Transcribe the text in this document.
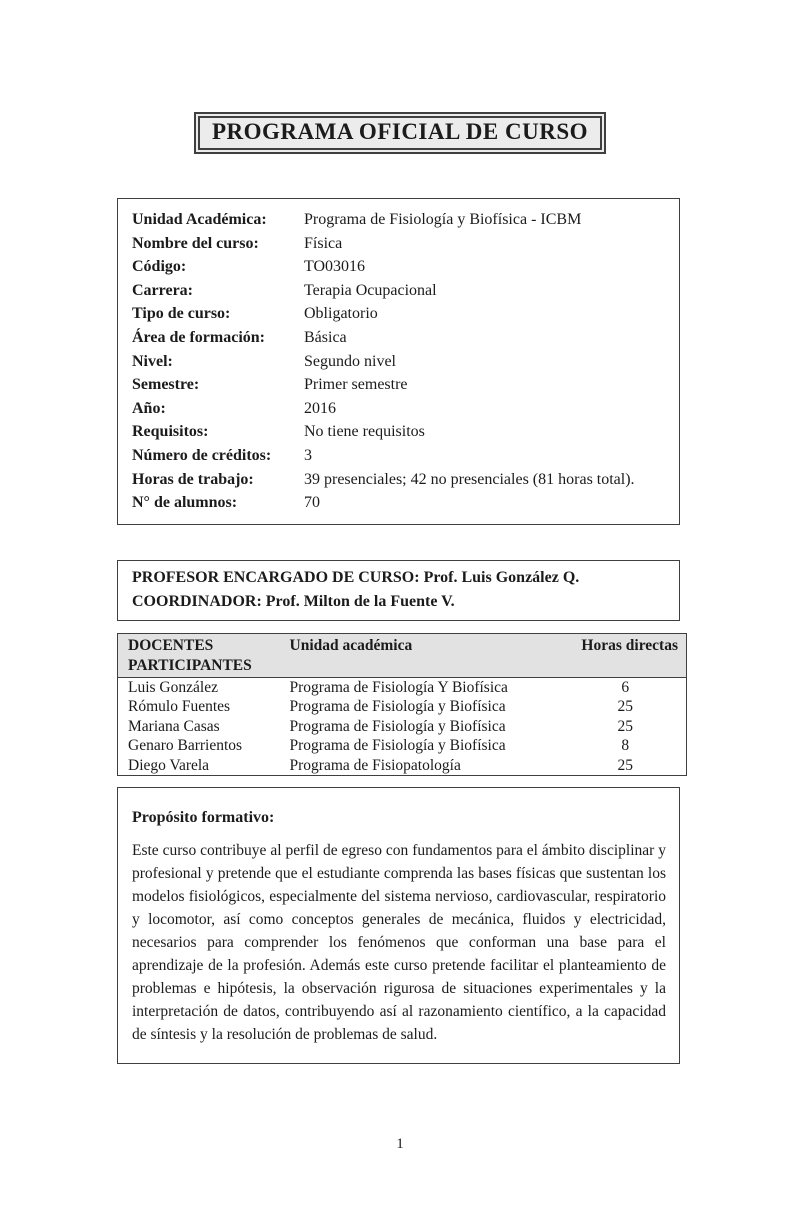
PROGRAMA OFICIAL DE CURSO
Unidad Académica:	Programa de Fisiología y Biofísica - ICBM
Nombre del curso:	Física
Código:	TO03016
Carrera:	Terapia Ocupacional
Tipo de curso:	Obligatorio
Área de formación:	Básica
Nivel:	Segundo nivel
Semestre:	Primer semestre
Año:	2016
Requisitos:	No tiene requisitos
Número de créditos:	3
Horas de trabajo:	39 presenciales; 42 no presenciales (81 horas total).
N° de alumnos:	70
PROFESOR ENCARGADO DE CURSO: Prof. Luis González Q.
COORDINADOR: Prof. Milton de la Fuente V.
DOCENTES PARTICIPANTES	Unidad académica	Horas directas
Luis González	Programa de Fisiología Y Biofísica	6
Rómulo Fuentes	Programa de Fisiología y Biofísica	25
Mariana Casas	Programa de Fisiología y Biofísica	25
Genaro Barrientos	Programa de Fisiología y Biofísica	8
Diego Varela	Programa de Fisiopatología	25
Propósito formativo:
Este curso contribuye al perfil de egreso con fundamentos para el ámbito disciplinar y profesional y pretende que el estudiante comprenda las bases físicas que sustentan los modelos fisiológicos, especialmente del sistema nervioso, cardiovascular, respiratorio y locomotor, así como conceptos generales de mecánica, fluidos y electricidad, necesarios para comprender los fenómenos que conforman una base para el aprendizaje de la profesión. Además este curso pretende facilitar el planteamiento de problemas e hipótesis, la observación rigurosa de situaciones experimentales y la interpretación de datos, contribuyendo así al razonamiento científico, a la capacidad de síntesis y la resolución de problemas de salud.
1
